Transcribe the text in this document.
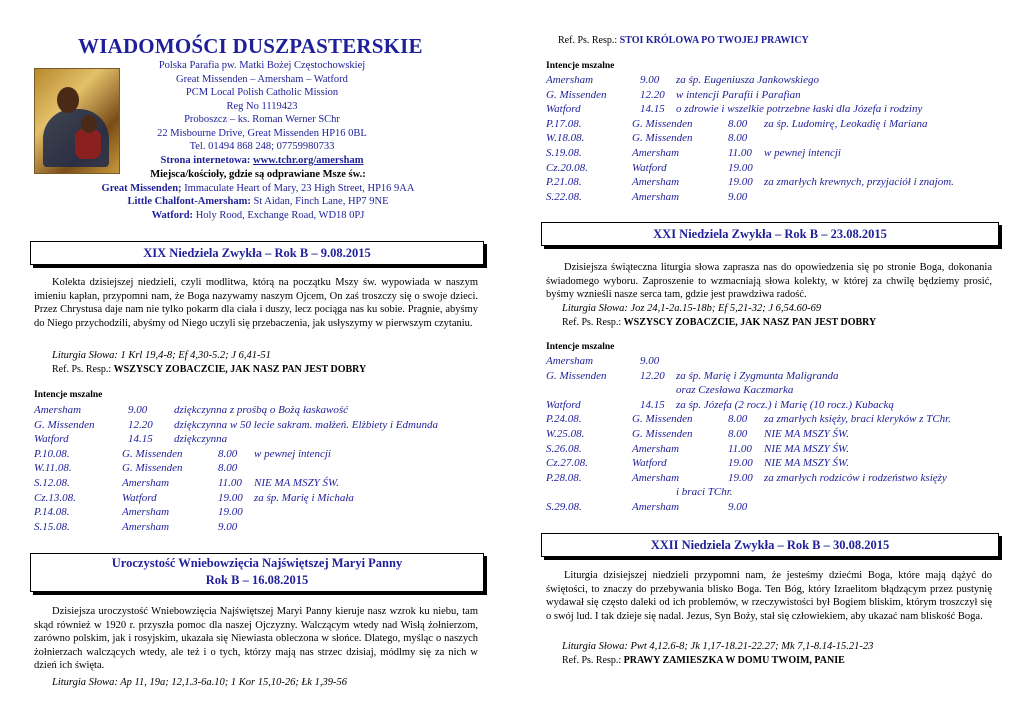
WIADOMOŚCI DUSZPASTERSKIE
Polska Parafia pw. Matki Bożej Częstochowskiej
Great Missenden – Amersham – Watford
PCM Local Polish Catholic Mission
Reg No 1119423
Proboszcz – ks. Roman Werner SChr
22 Misbourne Drive, Great Missenden HP16 0BL
Tel. 01494 868 248; 07759980733
Strona internetowa: www.tchr.org/amersham
Miejsca/kościoły, gdzie są odprawiane Msze św.:
Great Missenden; Immaculate Heart of Mary, 23 High Street, HP16 9AA
Little Chalfont-Amersham: St Aidan, Finch Lane, HP7 9NE
Watford: Holy Rood, Exchange Road, WD18 0PJ
XIX Niedziela Zwykła – Rok B – 9.08.2015
Kolekta dzisiejszej niedzieli, czyli modlitwa, którą na początku Mszy św. wypowiada w naszym imieniu kapłan, przypomni nam, że Boga nazywamy naszym Ojcem, On zaś troszczy się o swoje dzieci. Przez Chrystusa daje nam nie tylko pokarm dla ciała i duszy, lecz pociąga nas ku sobie. Pragnie, abyśmy do Niego przychodzili, abyśmy od Niego uczyli się przebaczenia, jak usłyszymy w pierwszym czytaniu.
Liturgia Słowa: 1 Krl 19,4-8; Ef 4,30-5.2; J 6,41-51
Ref. Ps. Resp.: WSZYSCY ZOBACZCIE, JAK NASZ PAN JEST DOBRY
Intencje mszalne
Amersham	9.00 dziękczynna z prośbą o Bożą łaskawość
G. Missenden	12.20 dziękczynna w 50 lecie sakram. małżeń. Elżbiety i Edmunda
Watford	14.15 dziękczynna
P.10.08.	G. Missenden	8.00 w pewnej intencji
W.11.08.	G. Missenden	8.00
S.12.08.	Amersham	11.00 NIE MA MSZY ŚW.
Cz.13.08.	Watford	19.00 za śp. Marię i Michała
P.14.08.	Amersham	19.00
S.15.08.	Amersham	9.00
Uroczystość Wniebowzięcia Najświętszej Maryi Panny
Rok B – 16.08.2015
Dzisiejsza uroczystość Wniebowzięcia Najświętszej Maryi Panny kieruje nasz wzrok ku niebu, tam skąd również w 1920 r. przyszła pomoc dla naszej Ojczyzny. Walczącym wtedy nad Wisłą żołnierzom, zarówno polskim, jak i rosyjskim, ukazała się Niewiasta obleczona w słońce. Dlatego, myśląc o naszych żołnierzach walczących wtedy, ale też i o tych, którzy mają nas strzec dzisiaj, módlmy się za nich w dzień ich święta.
Liturgia Słowa: Ap 11, 19a; 12,1.3-6a.10; 1 Kor 15,10-26; Łk 1,39-56
Ref. Ps. Resp.: STOI KRÓLOWA PO TWOJEJ PRAWICY
Intencje mszalne
Amersham	9.00 za śp. Eugeniusza Jankowskiego
G. Missenden	12.20 w intencji Parafii i Parafian
Watford	14.15 o zdrowie i wszelkie potrzebne łaski dla Józefa i rodziny
P.17.08.	G. Missenden	8.00 za śp. Ludomirę, Leokadię i Mariana
W.18.08.	G. Missenden	8.00
S.19.08.	Amersham	11.00 w pewnej intencji
Cz.20.08.	Watford	19.00
P.21.08.	Amersham	19.00 za zmarłych krewnych, przyjaciół i znajom.
S.22.08.	Amersham	9.00
XXI Niedziela Zwykła – Rok B – 23.08.2015
Dzisiejsza świąteczna liturgia słowa zaprasza nas do opowiedzenia się po stronie Boga, dokonania świadomego wyboru. Zaproszenie to wzmacniają słowa kolekty, w której za chwilę będziemy prosić, byśmy wznieśli nasze serca tam, gdzie jest prawdziwa radość.
Liturgia Słowa: Joz 24,1-2a.15-18b; Ef 5,21-32; J 6,54.60-69
Ref. Ps. Resp.: WSZYSCY ZOBACZCIE, JAK NASZ PAN JEST DOBRY
Intencje mszalne
Amersham	9.00
G. Missenden	12.20 za śp. Marię i Zygmunta Maligranda
oraz Czesława Kaczmarka
Watford	14.15 za śp. Józefa (2 rocz.) i Marię (10 rocz.) Kubacką
P.24.08.	G. Missenden	8.00 za zmarłych księży, braci kleryków z TChr.
W.25.08.	G. Missenden	8.00 NIE MA MSZY ŚW.
S.26.08.	Amersham	11.00 NIE MA MSZY ŚW.
Cz.27.08.	Watford	19.00 NIE MA MSZY ŚW.
P.28.08.	Amersham	19.00 za zmarłych rodziców i rodzeństwo księży
i braci TChr.
S.29.08.	Amersham	9.00
XXII Niedziela Zwykła – Rok B – 30.08.2015
Liturgia dzisiejszej niedzieli przypomni nam, że jesteśmy dziećmi Boga, które mają dążyć do świętości, to znaczy do przebywania blisko Boga. Ten Bóg, który Izraelitom błądzącym przez pustynię wydawał się często daleki od ich problemów, w rzeczywistości był Bogiem bliskim, którym troszczył się o swój lud. I tak dzieje się nadal. Jezus, Syn Boży, stał się człowiekiem, aby ukazać nam bliskość Boga.
Liturgia Słowa: Pwt 4,12.6-8; Jk 1,17-18.21-22.27; Mk 7,1-8.14-15.21-23
Ref. Ps. Resp.: PRAWY ZAMIESZKA W DOMU TWOIM, PANIE
